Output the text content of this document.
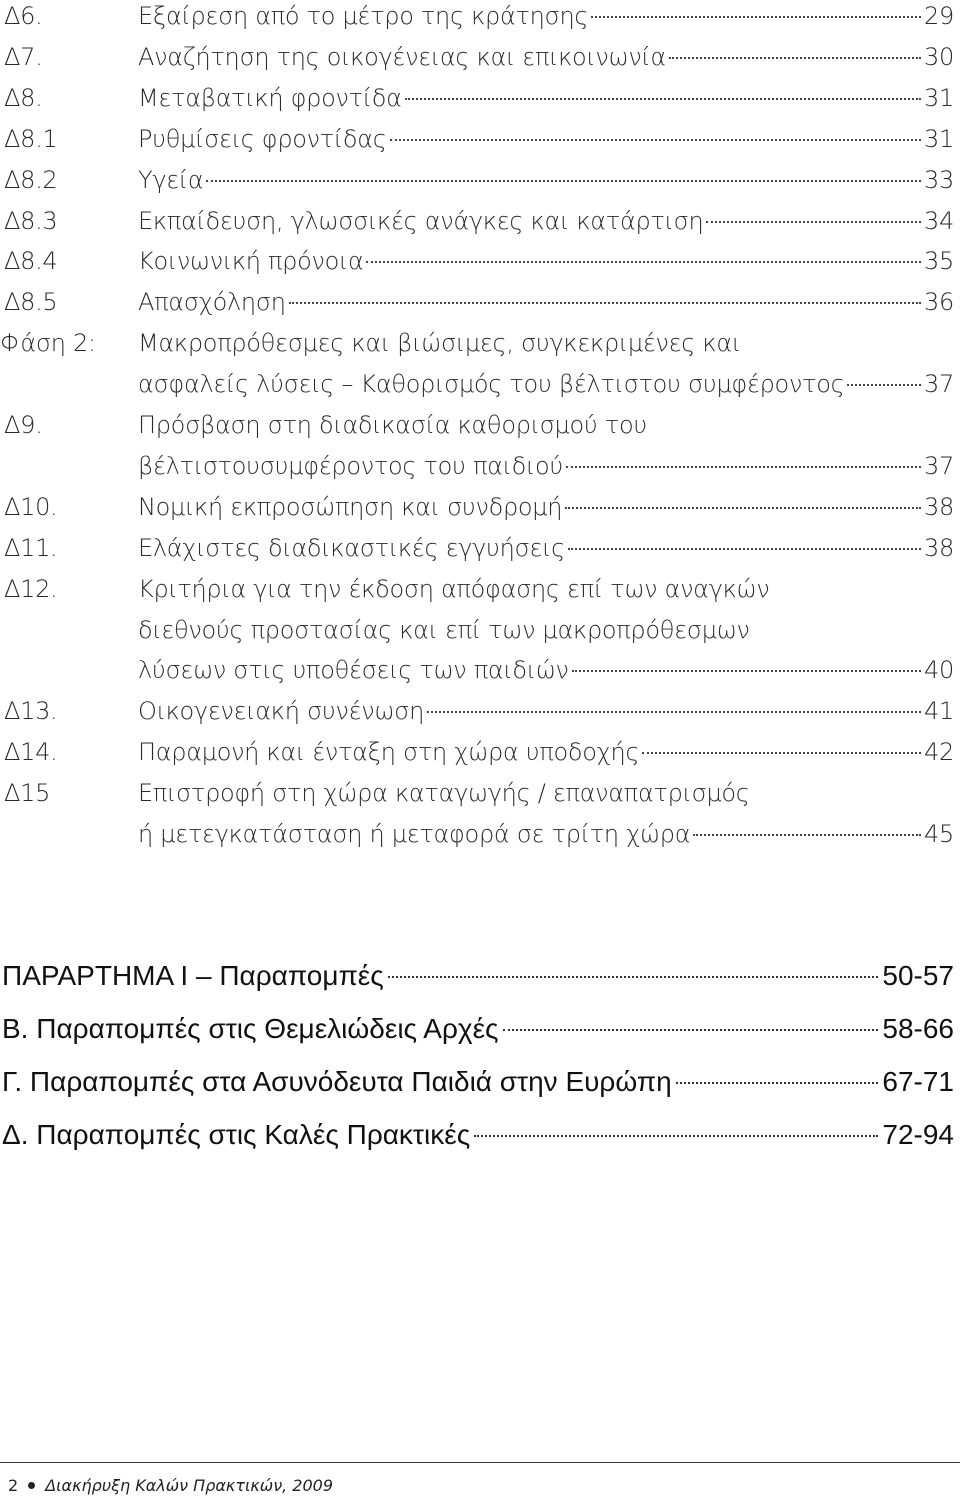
Δ6.	Εξαίρεση από το μέτρο της κράτησης	29
Δ7.	Αναζήτηση της οικογένειας και επικοινωνία	30
Δ8.	Μεταβατική φροντίδα	31
Δ8.1	Ρυθμίσεις φροντίδας	31
Δ8.2	Υγεία	33
Δ8.3	Εκπαίδευση, γλωσσικές ανάγκες και κατάρτιση	34
Δ8.4	Κοινωνική πρόνοια	35
Δ8.5	Απασχόληση	36
Φάση 2: Μακροπρόθεσμες και βιώσιμες, συγκεκριμένες και
ασφαλείς λύσεις – Καθορισμός του βέλτιστου συμφέροντος	37
Δ9.	Πρόσβαση στη διαδικασία καθορισμού του
βέλτιστουσυμφέροντος του παιδιού	37
Δ10.	Νομική εκπροσώπηση και συνδρομή	38
Δ11.	Ελάχιστες διαδικαστικές εγγυήσεις	38
Δ12.	Κριτήρια για την έκδοση απόφασης επί των αναγκών
διεθνούς προστασίας και επί των μακροπρόθεσμων
λύσεων στις υποθέσεις των παιδιών	40
Δ13.	Οικογενειακή συνένωση	41
Δ14.	Παραμονή και ένταξη στη χώρα υποδοχής	42
Δ15	Επιστροφή στη χώρα καταγωγής / επαναπατρισμός
ή μετεγκατάσταση ή μεταφορά σε τρίτη χώρα	45
ΠΑΡΑΡΤΗΜΑ Ι – Παραπομπές	50-57
Β. Παραπομπές στις Θεμελιώδεις Αρχές	58-66
Γ. Παραπομπές στα Ασυνόδευτα Παιδιά στην Ευρώπη	67-71
Δ. Παραπομπές στις Καλές Πρακτικές	72-94
2 Διακήρυξη Καλών Πρακτικών, 2009
